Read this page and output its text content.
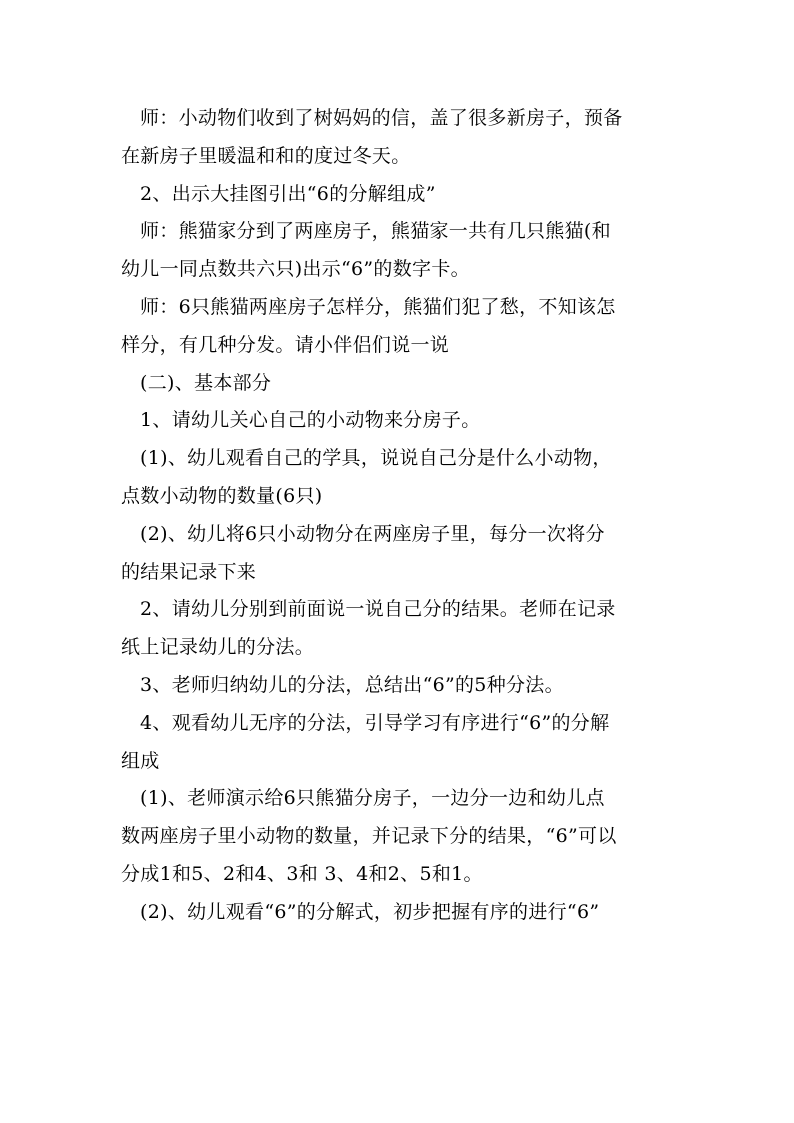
师：小动物们收到了树妈妈的信，盖了很多新房子，预备
在新房子里暖温和和的度过冬天。
2、出示大挂图引出“6的分解组成”
师：熊猫家分到了两座房子，熊猫家一共有几只熊猫(和
幼儿一同点数共六只)出示“6”的数字卡。
师：6只熊猫两座房子怎样分，熊猫们犯了愁，不知该怎
样分，有几种分发。请小伴侣们说一说
(二)、基本部分
1、请幼儿关心自己的小动物来分房子。
(1)、幼儿观看自己的学具，说说自己分是什么小动物，
点数小动物的数量(6只)
(2)、幼儿将6只小动物分在两座房子里，每分一次将分
的结果记录下来
2、请幼儿分别到前面说一说自己分的结果。老师在记录
纸上记录幼儿的分法。
3、老师归纳幼儿的分法，总结出“6”的5种分法。
4、观看幼儿无序的分法，引导学习有序进行“6”的分解
组成
(1)、老师演示给6只熊猫分房子，一边分一边和幼儿点
数两座房子里小动物的数量，并记录下分的结果，“6”可以
分成1和5、2和4、3和 3、4和2、5和1。
(2)、幼儿观看“6”的分解式，初步把握有序的进行“6”
